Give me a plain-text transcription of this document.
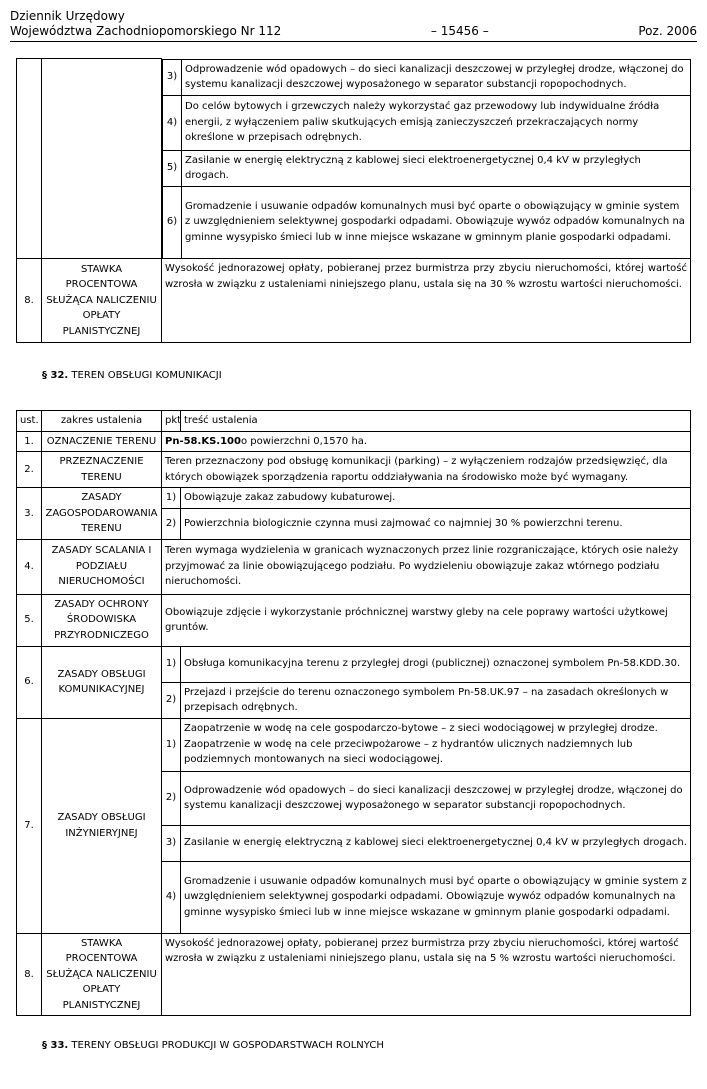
Dziennik Urzędowy
Województwa Zachodniopomorskiego Nr 112	– 15456 –	Poz. 2006

3)	Odprowadzenie wód opadowych – do sieci kanalizacji deszczowej w przyległej drodze, włączonej do systemu kanalizacji deszczowej wyposażonego w separator substancji ropopochodnych.
4)	Do celów bytowych i grzewczych należy wykorzystać gaz przewodowy lub indywidualne źródła energii, z wyłączeniem paliw skutkujących emisją zanieczyszczeń przekraczających normy określone w przepisach odrębnych.
5)	Zasilanie w energię elektryczną z kablowej sieci elektroenergetycznej 0,4 kV w przyległych drogach.
6)	Gromadzenie i usuwanie odpadów komunalnych musi być oparte o obowiązujący w gminie system z uwzględnieniem selektywnej gospodarki odpadami. Obowiązuje wywóz odpadów komunalnych na gminne wysypisko śmieci lub w inne miejsce wskazane w gminnym planie gospodarki odpadami.

8.	STAWKA PROCENTOWA SŁUŻĄCA NALICZENIU OPŁATY PLANISTYCZNEJ	Wysokość jednorazowej opłaty, pobieranej przez burmistrza przy zbyciu nieruchomości, której wartość wzrosła w związku z ustaleniami niniejszego planu, ustala się na 30 % wzrostu wartości nieruchomości.
§ 32. TEREN OBSŁUGI KOMUNIKACJI
ust.	zakres ustalenia	pkt	treść ustalenia
1.	OZNACZENIE TERENU	Pn-58.KS.100o powierzchni 0,1570 ha.	
2.	PRZEZNACZENIE TERENU	Teren przeznaczony pod obsługę komunikacji (parking) – z wyłączeniem rodzajów przedsięwzięć, dla których obowiązek sporządzenia raportu oddziaływania na środowisko może być wymagany.	
3.	ZASADY ZAGOSPODAROWANIA TERENU	1)	Obowiązuje zakaz zabudowy kubaturowej.
		2)	Powierzchnia biologicznie czynna musi zajmować co najmniej 30 % powierzchni terenu.
4.	ZASADY SCALANIA I PODZIAŁU NIERUCHOMOŚCI	Teren wymaga wydzielenia w granicach wyznaczonych przez linie rozgraniczające, których osie należy przyjmować za linie obowiązującego podziału. Po wydzieleniu obowiązuje zakaz wtórnego podziału nieruchomości.	
5.	ZASADY OCHRONY ŚRODOWISKA PRZYRODNICZEGO	Obowiązuje zdjęcie i wykorzystanie próchnicznej warstwy gleby na cele poprawy wartości użytkowej gruntów.	
6.	ZASADY OBSŁUGI KOMUNIKACYJNEJ	1)	Obsługa komunikacyjna terenu z przyległej drogi (publicznej) oznaczonej symbolem Pn-58.KDD.30.
		2)	Przejazd i przejście do terenu oznaczonego symbolem Pn-58.UK.97 – na zasadach określonych w przepisach odrębnych.
7.	ZASADY OBSŁUGI INŻYNIERYJNEJ	1)	Zaopatrzenie w wodę na cele gospodarczo-bytowe – z sieci wodociągowej w przyległej drodze. Zaopatrzenie w wodę na cele przeciwpożarowe – z hydrantów ulicznych nadziemnych lub podziemnych montowanych na sieci wodociągowej.
		2)	Odprowadzenie wód opadowych – do sieci kanalizacji deszczowej w przyległej drodze, włączonej do systemu kanalizacji deszczowej wyposażonego w separator substancji ropopochodnych.
		3)	Zasilanie w energię elektryczną z kablowej sieci elektroenergetycznej 0,4 kV w przyległych drogach.
		4)	Gromadzenie i usuwanie odpadów komunalnych musi być oparte o obowiązujący w gminie system z uwzględnieniem selektywnej gospodarki odpadami. Obowiązuje wywóz odpadów komunalnych na gminne wysypisko śmieci lub w inne miejsce wskazane w gminnym planie gospodarki odpadami.
8.	STAWKA PROCENTOWA SŁUŻĄCA NALICZENIU OPŁATY PLANISTYCZNEJ	Wysokość jednorazowej opłaty, pobieranej przez burmistrza przy zbyciu nieruchomości, której wartość wzrosła w związku z ustaleniami niniejszego planu, ustala się na 5 % wzrostu wartości nieruchomości.	
§ 33. TERENY OBSŁUGI PRODUKCJI W GOSPODARSTWACH ROLNYCH
